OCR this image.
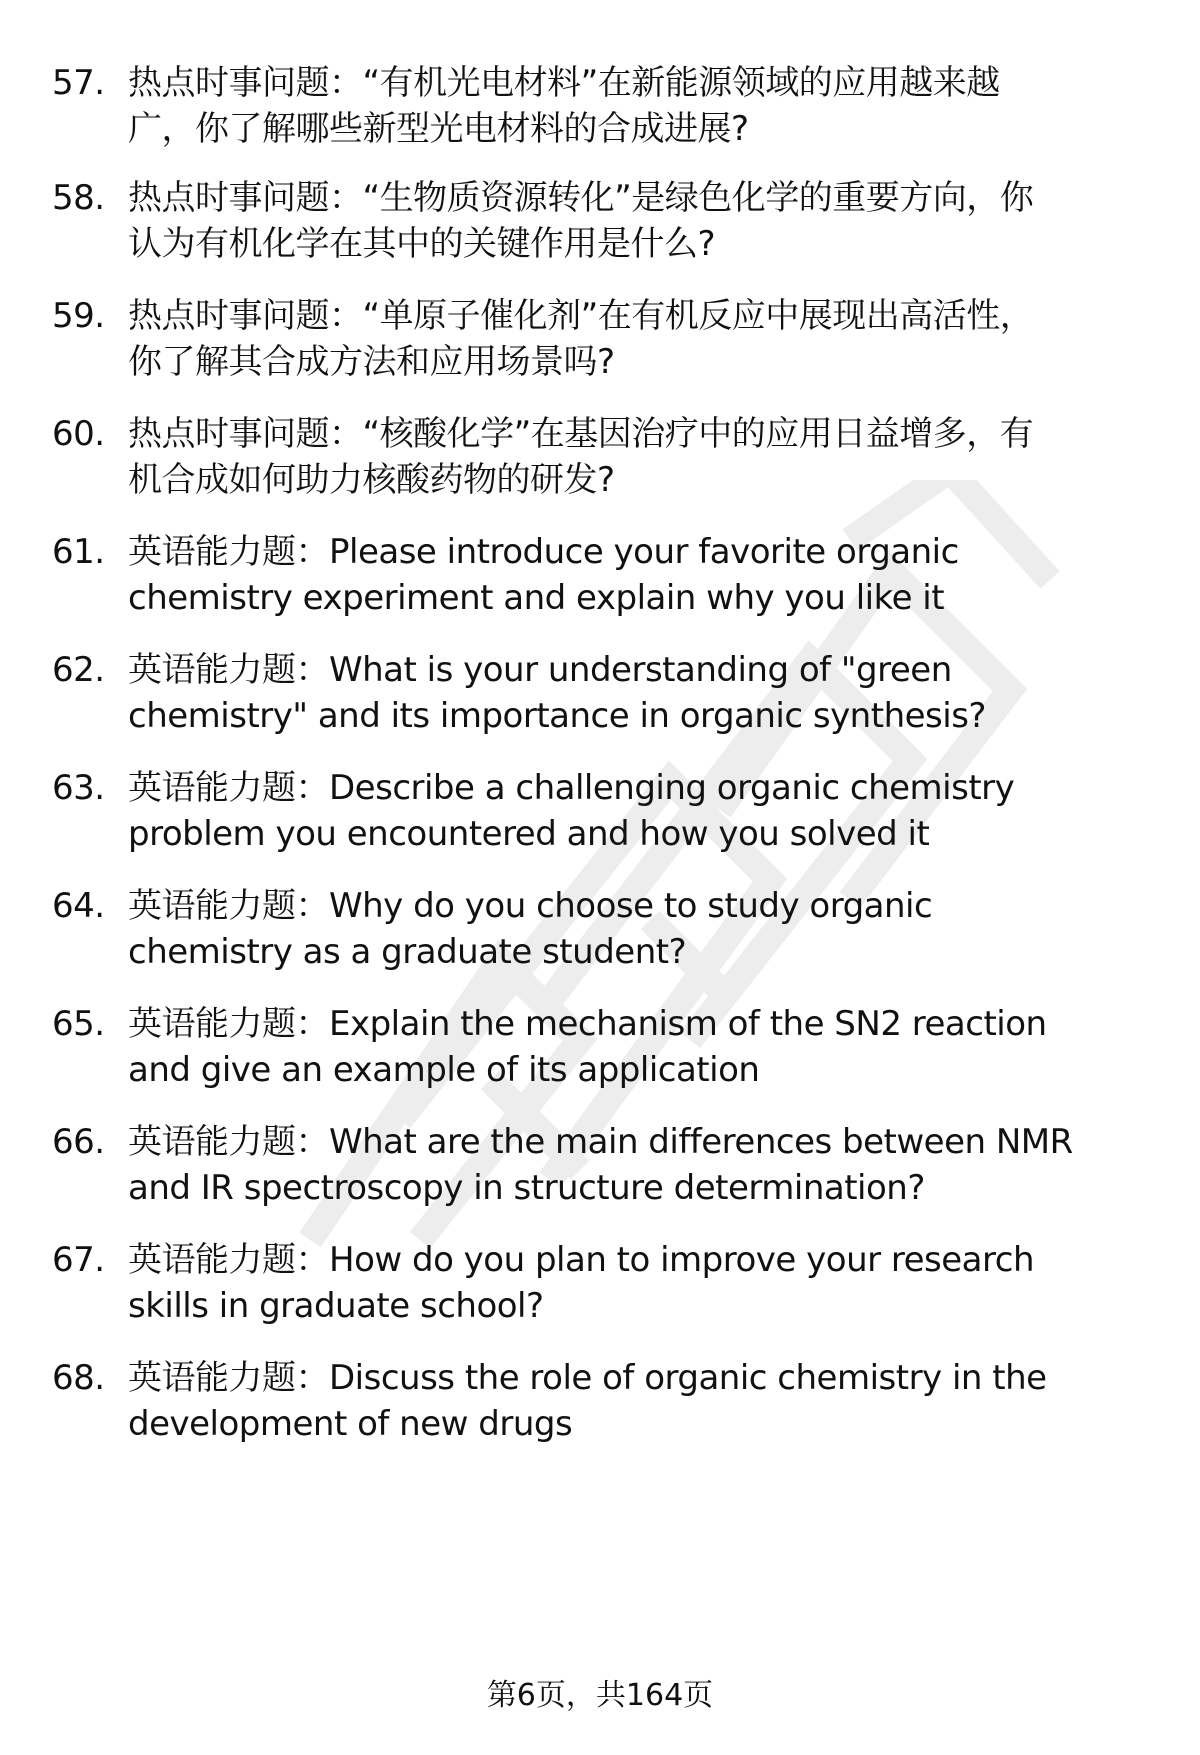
57. 热点时事问题： “有机光电材料”在新能源领域的应用越来越
广，你了解哪些新型光电材料的合成进展?
58. 热点时事问题： “生物质资源转化”是绿色化学的重要方向，你
认为有机化学在其中的关键作用是什么?
59. 热点时事问题： “单原子催化剂”在有机反应中展现出高活性，
你了解其合成方法和应用场景吗?
60. 热点时事问题： “核酸化学”在基因治疗中的应用日益增多，有
机合成如何助力核酸药物的研发?
61. 英语能力题： Please introduce your favorite organic
chemistry experiment and explain why you like it
62. 英语能力题： What is your understanding of "green
chemistry" and its importance in organic synthesis?
63. 英语能力题： Describe a challenging organic chemistry
problem you encountered and how you solved it
64. 英语能力题： Why do you choose to study organic
chemistry as a graduate student?
65. 英语能力题： Explain the mechanism of the SN2 reaction
and give an example of its application
66. 英语能力题： What are the main differences between NMR
and IR spectroscopy in structure determination?
67. 英语能力题： How do you plan to improve your research
skills in graduate school?
68. 英语能力题： Discuss the role of organic chemistry in the
development of new drugs
第6页，共164页
